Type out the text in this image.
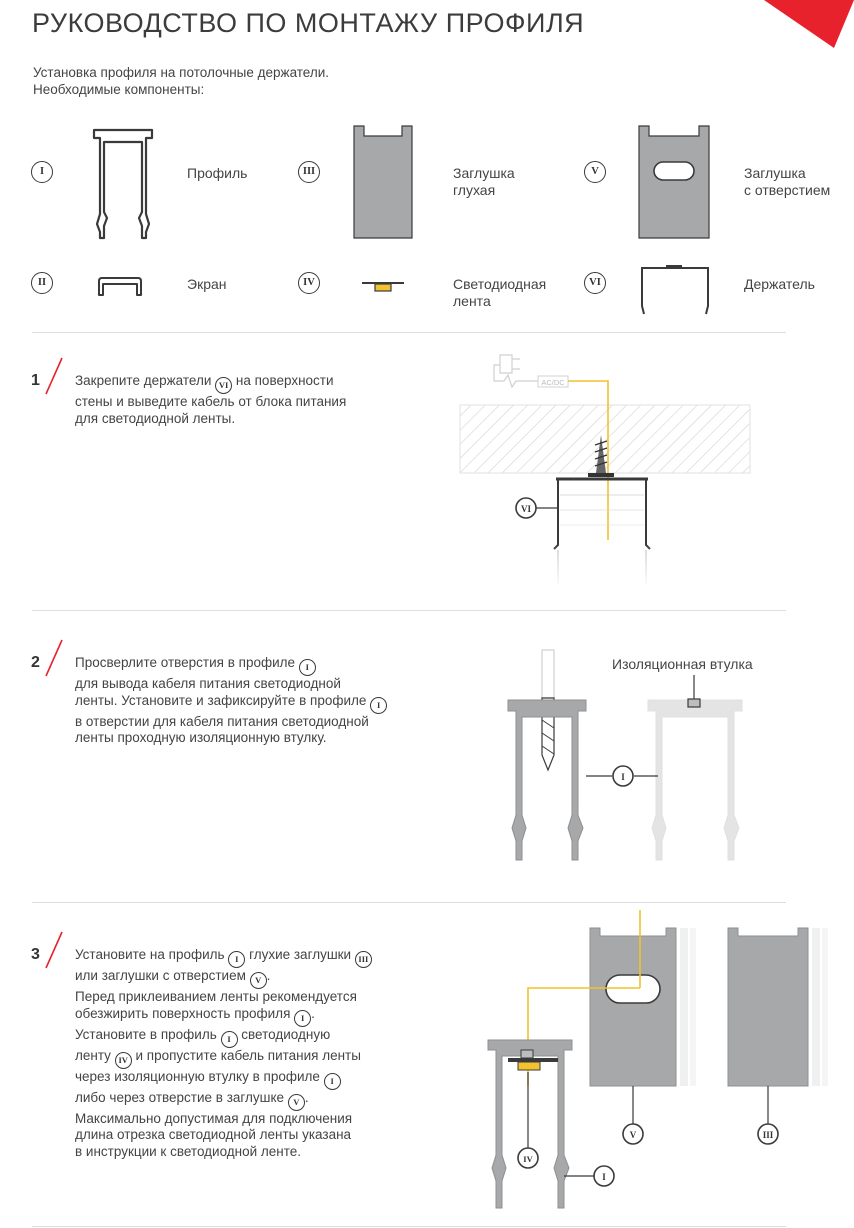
РУКОВОДСТВО ПО МОНТАЖУ ПРОФИЛЯ
Установка профиля на потолочные держатели.
Необходимые компоненты:
I	Профиль	III	Заглушка
глухая
V	Заглушка
с отверстием
II	Экран	IV	Светодиодная
лента
VI	Держатель
1	Закрепите держатели VI на поверхности
стены и выведите кабель от блока питания
для светодиодной ленты.
AC/DC
VI
2	Просверлите отверстия в профиле I
для вывода кабеля питания светодиодной
ленты. Установите и зафиксируйте в профиле I
в отверстии для кабеля питания светодиодной
ленты проходную изоляционную втулку.
Изоляционная втулка
I
3	Установите на профиль I глухие заглушки III
или заглушки с отверстием V .
Перед приклеиванием ленты рекомендуется
обезжирить поверхность профиля I .
Установите в профиль I светодиодную
ленту IV и пропустите кабель питания ленты
через изоляционную втулку в профиле I
либо через отверстие в заглушке V .
Максимально допустимая для подключения
длина отрезка светодиодной ленты указана
в инструкции к светодиодной ленте.
V	III
IV
I
